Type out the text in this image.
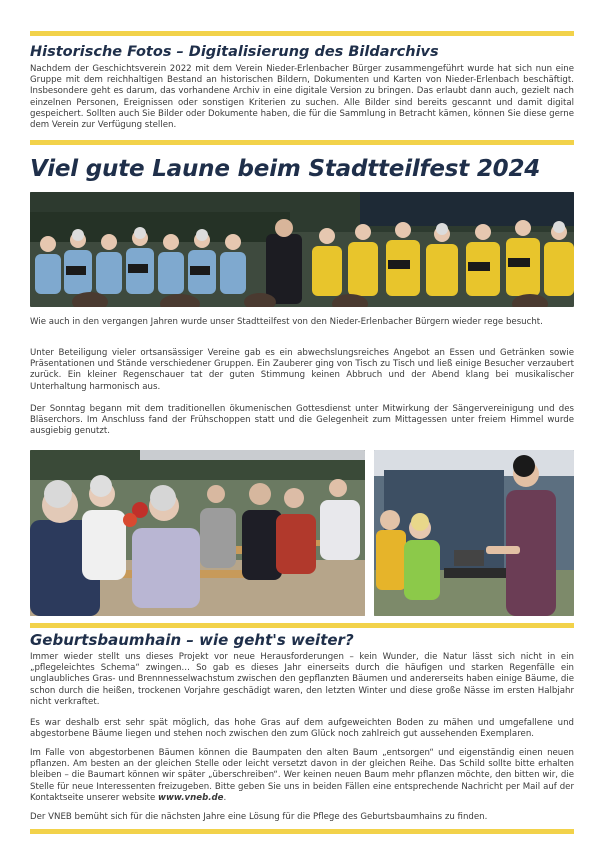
Historische Fotos – Digitalisierung des Bildarchivs

Nachdem der Geschichtsverein 2022 mit dem Verein Nieder-Erlenbacher Bürger zusammengeführt wurde hat sich nun eine Gruppe mit dem reichhaltigen Bestand an historischen Bildern, Dokumenten und Karten von Nieder-Erlenbach beschäftigt. Insbesondere geht es darum, das vorhandene Archiv in eine digitale Version zu bringen. Das erlaubt dann auch, gezielt nach einzelnen Personen, Ereignissen oder sonstigen Kriterien zu suchen. Alle Bilder sind bereits gescannt und damit digital gespeichert. Sollten auch Sie Bilder oder Dokumente haben, die für die Sammlung in Betracht kämen, können Sie diese gerne dem Verein zur Verfügung stellen.

Viel gute Laune beim Stadtteilfest 2024

Wie auch in den vergangen Jahren wurde unser Stadtteilfest von den Nieder-Erlenbacher Bürgern wieder rege besucht.

Unter Beteiligung vieler ortsansässiger Vereine gab es ein abwechslungsreiches Angebot an Essen und Getränken sowie Präsentationen und Stände verschiedener Gruppen. Ein Zauberer ging von Tisch zu Tisch und ließ einige Besucher verzaubert zurück. Ein kleiner Regenschauer tat der guten Stimmung keinen Abbruch und der Abend klang bei musikalischer Unterhaltung harmonisch aus.

Der Sonntag begann mit dem traditionellen ökumenischen Gottesdienst unter Mitwirkung der Sängervereinigung und des Bläserchors. Im Anschluss fand der Frühschoppen statt und die Gelegenheit zum Mittagessen unter freiem Himmel wurde ausgiebig genutzt.

Geburtsbaumhain – wie geht's weiter?

Immer wieder stellt uns dieses Projekt vor neue Herausforderungen – kein Wunder, die Natur lässt sich nicht in ein „pflegeleichtes Schema“ zwingen… So gab es dieses Jahr einerseits durch die häufigen und starken Regenfälle ein unglaubliches Gras- und Brennnesselwachstum zwischen den gepflanzten Bäumen und andererseits haben einige Bäume, die schon durch die heißen, trockenen Vorjahre geschädigt waren, den letzten Winter und diese große Nässe im ersten Halbjahr nicht verkraftet.

Es war deshalb erst sehr spät möglich, das hohe Gras auf dem aufgeweichten Boden zu mähen und umgefallene und abgestorbene Bäume liegen und stehen noch zwischen den zum Glück noch zahlreich gut aussehenden Exemplaren.

Im Falle von abgestorbenen Bäumen können die Baumpaten den alten Baum „entsorgen“ und eigenständig einen neuen pflanzen. Am besten an der gleichen Stelle oder leicht versetzt davon in der gleichen Reihe. Das Schild sollte bitte erhalten bleiben – die Baumart können wir später „überschreiben“. Wer keinen neuen Baum mehr pflanzen möchte, den bitten wir, die Stelle für neue Interessenten freizugeben. Bitte geben Sie uns in beiden Fällen eine entsprechende Nachricht per Mail auf der Kontaktseite unserer website www.vneb.de.

Der VNEB bemüht sich für die nächsten Jahre eine Lösung für die Pflege des Geburtsbaumhains zu finden.
